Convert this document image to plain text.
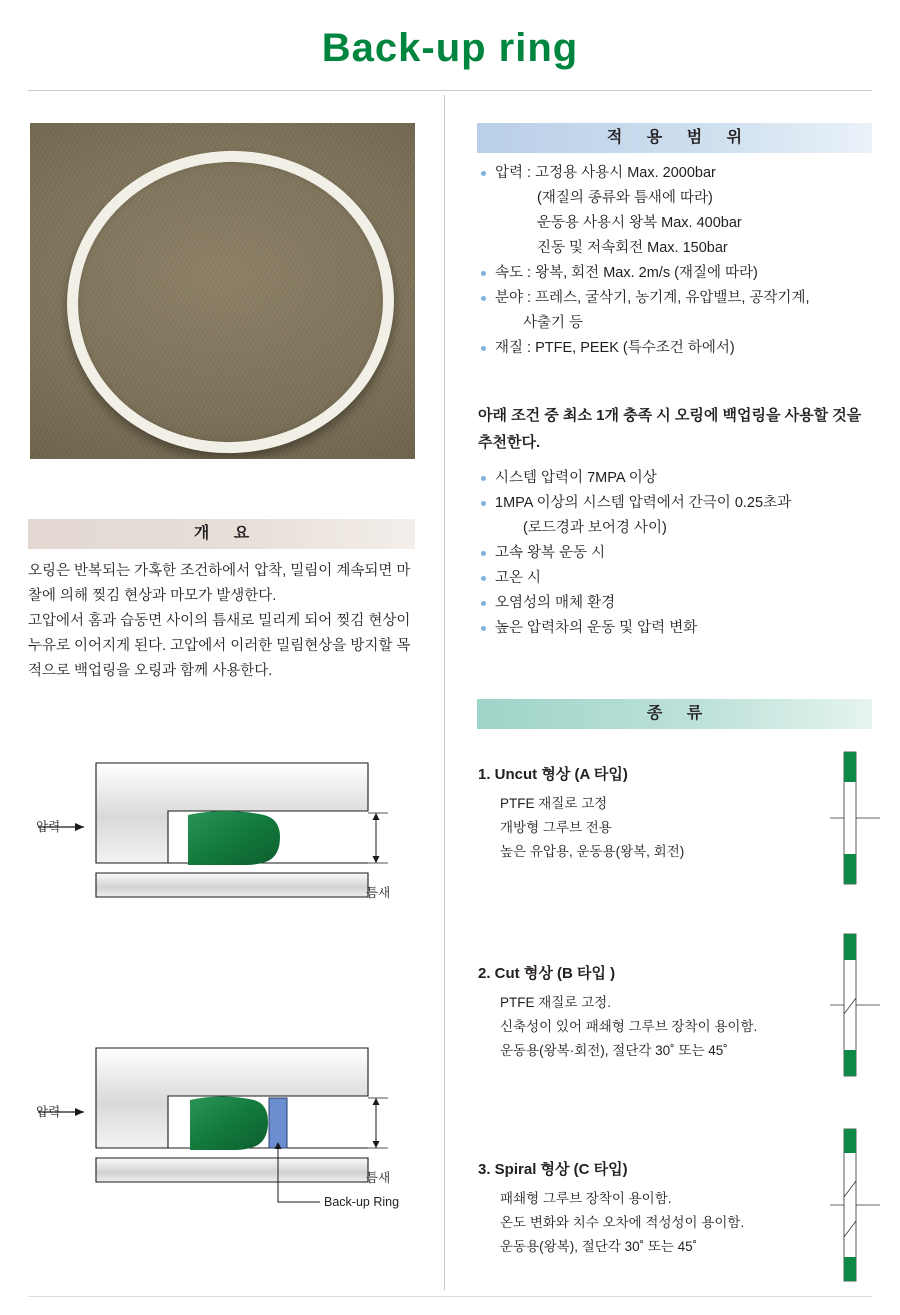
Back-up ring
개 요
오링은 반복되는 가혹한 조건하에서 압착, 밀림이 계속되면 마찰에 의해 찢김 현상과 마모가 발생한다.
고압에서 홈과 습동면 사이의 틈새로 밀리게 되어 찢김 현상이 누유로 이어지게 된다. 고압에서 이러한 밀림현상을 방지할 목적으로 백업링을 오링과 함께 사용한다.
압력
틈새
압력
틈새
Back-up Ring
적 용 범 위
압력 : 고정용 사용시 Max. 2000bar
(재질의 종류와 틈새에 따라)
운동용 사용시 왕복 Max. 400bar
진동 및 저속회전 Max. 150bar
속도 : 왕복, 회전 Max. 2m/s (재질에 따라)
분야 : 프레스, 굴삭기, 농기계, 유압밸브, 공작기계,
사출기 등
재질 : PTFE, PEEK (특수조건 하에서)
아래 조건 중 최소 1개 충족 시 오링에 백업링을 사용할 것을 추천한다.
시스템 압력이 7MPA 이상
1MPA 이상의 시스템 압력에서 간극이 0.25초과
(로드경과 보어경 사이)
고속 왕복 운동 시
고온 시
오염성의 매체 환경
높은 압력차의 운동 및 압력 변화
종 류
1. Uncut 형상 (A 타입)
PTFE 재질로 고정
개방형 그루브 전용
높은 유압용, 운동용(왕복, 회전)
2. Cut 형상 (B 타입 )
PTFE 재질로 고정.
신축성이 있어 패쇄형 그루브 장착이 용이함.
운동용(왕복·회전), 절단각 30˚ 또는 45˚
3. Spiral 형상 (C 타입)
패쇄형 그루브 장착이 용이함.
온도 변화와 치수 오차에 적성성이 용이함.
운동용(왕복), 절단각 30˚ 또는 45˚
